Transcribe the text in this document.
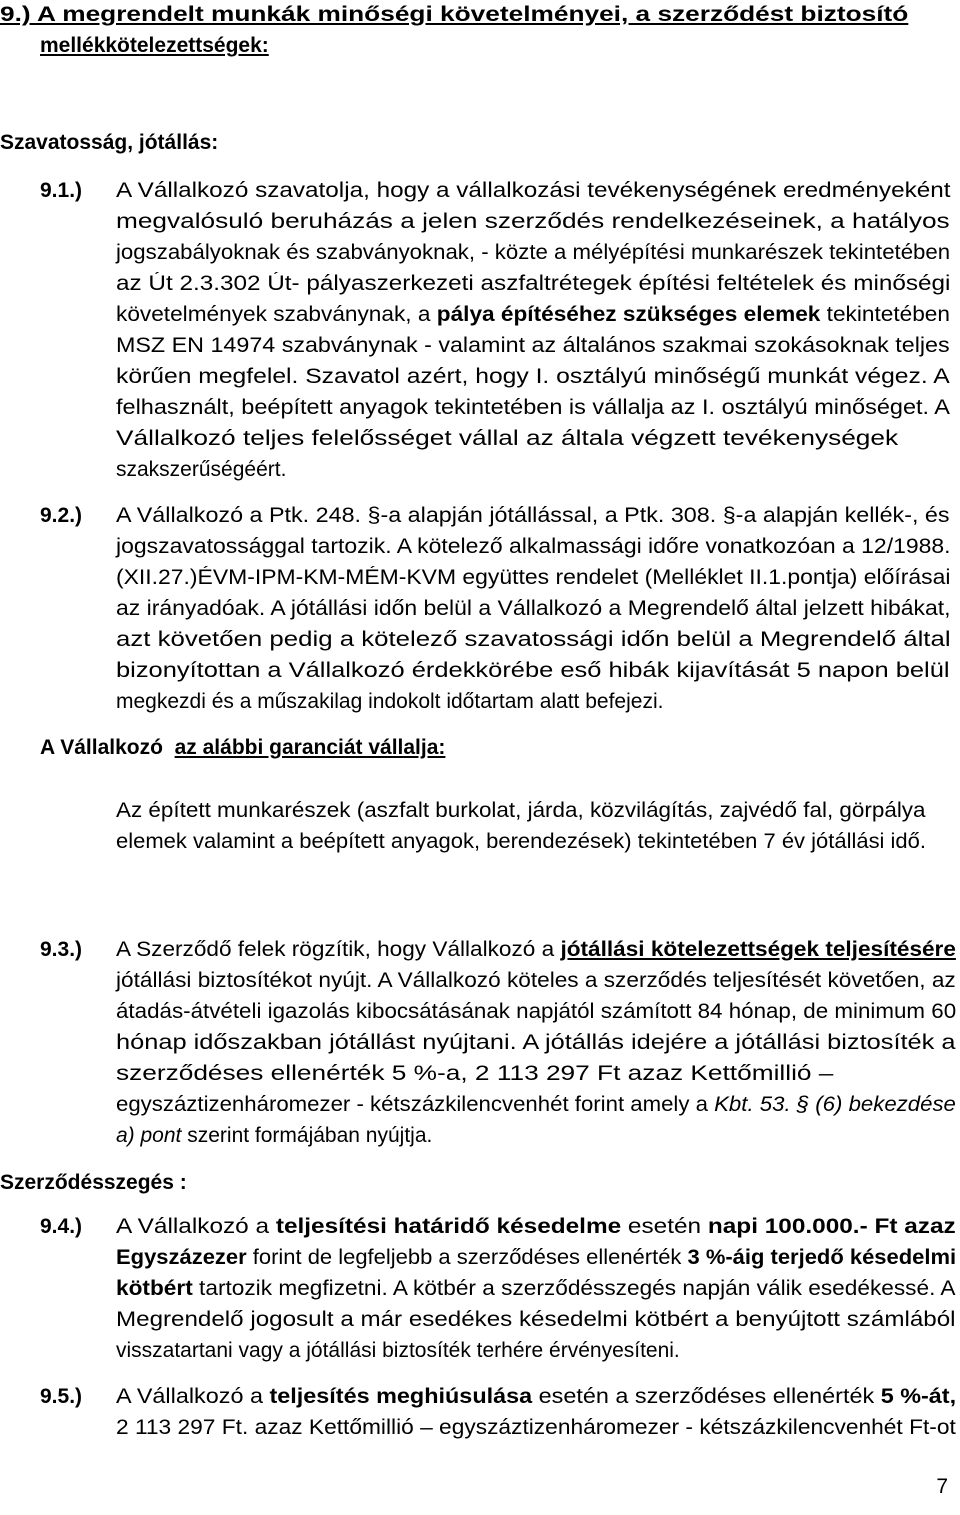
9.) A megrendelt munkák minőségi követelményei, a szerződést biztosító
mellékkötelezettségek:
Szavatosság, jótállás:
9.1.) A Vállalkozó szavatolja, hogy a vállalkozási tevékenységének eredményeként
megvalósuló beruházás a jelen szerződés rendelkezéseinek, a hatályos
jogszabályoknak és szabványoknak, - közte a mélyépítési munkarészek tekintetében
az Út 2.3.302 Út- pályaszerkezeti aszfaltrétegek építési feltételek és minőségi
követelmények szabványnak, a pálya építéséhez szükséges elemek tekintetében
MSZ EN 14974 szabványnak - valamint az általános szakmai szokásoknak teljes
körűen megfelel. Szavatol azért, hogy I. osztályú minőségű munkát végez. A
felhasznált, beépített anyagok tekintetében is vállalja az I. osztályú minőséget. A
Vállalkozó teljes felelősséget vállal az általa végzett tevékenységek
szakszerűségéért.
9.2.) A Vállalkozó a Ptk. 248. §-a alapján jótállással, a Ptk. 308. §-a alapján kellék-, és
jogszavatossággal tartozik. A kötelező alkalmassági időre vonatkozóan a 12/1988.
(XII.27.)ÉVM-IPM-KM-MÉM-KVM együttes rendelet (Melléklet II.1.pontja) előírásai
az irányadóak. A jótállási időn belül a Vállalkozó a Megrendelő által jelzett hibákat,
azt követően pedig a kötelező szavatossági időn belül a Megrendelő által
bizonyítottan a Vállalkozó érdekkörébe eső hibák kijavítását 5 napon belül
megkezdi és a műszakilag indokolt időtartam alatt befejezi.
A Vállalkozó az alábbi garanciát vállalja:
Az épített munkarészek (aszfalt burkolat, járda, közvilágítás, zajvédő fal, görpálya
elemek valamint a beépített anyagok, berendezések) tekintetében 7 év jótállási idő.
9.3.) A Szerződő felek rögzítik, hogy Vállalkozó a jótállási kötelezettségek teljesítésére
jótállási biztosítékot nyújt. A Vállalkozó köteles a szerződés teljesítését követően, az
átadás-átvételi igazolás kibocsátásának napjától számított 84 hónap, de minimum 60
hónap időszakban jótállást nyújtani. A jótállás idejére a jótállási biztosíték a
szerződéses ellenérték 5 %-a, 2 113 297 Ft azaz Kettőmillió –
egyszáztizenháromezer - kétszázkilencvenhét forint amely a Kbt. 53. § (6) bekezdése
a) pont szerint formájában nyújtja.
Szerződésszegés :
9.4.) A Vállalkozó a teljesítési határidő késedelme esetén napi 100.000.- Ft azaz
Egyszázezer forint de legfeljebb a szerződéses ellenérték 3 %-áig terjedő késedelmi
kötbért tartozik megfizetni. A kötbér a szerződésszegés napján válik esedékessé. A
Megrendelő jogosult a már esedékes késedelmi kötbért a benyújtott számlából
visszatartani vagy a jótállási biztosíték terhére érvényesíteni.
9.5.) A Vállalkozó a teljesítés meghiúsulása esetén a szerződéses ellenérték 5 %-át,
2 113 297 Ft. azaz Kettőmillió – egyszáztizenháromezer - kétszázkilencvenhét Ft-ot
7
